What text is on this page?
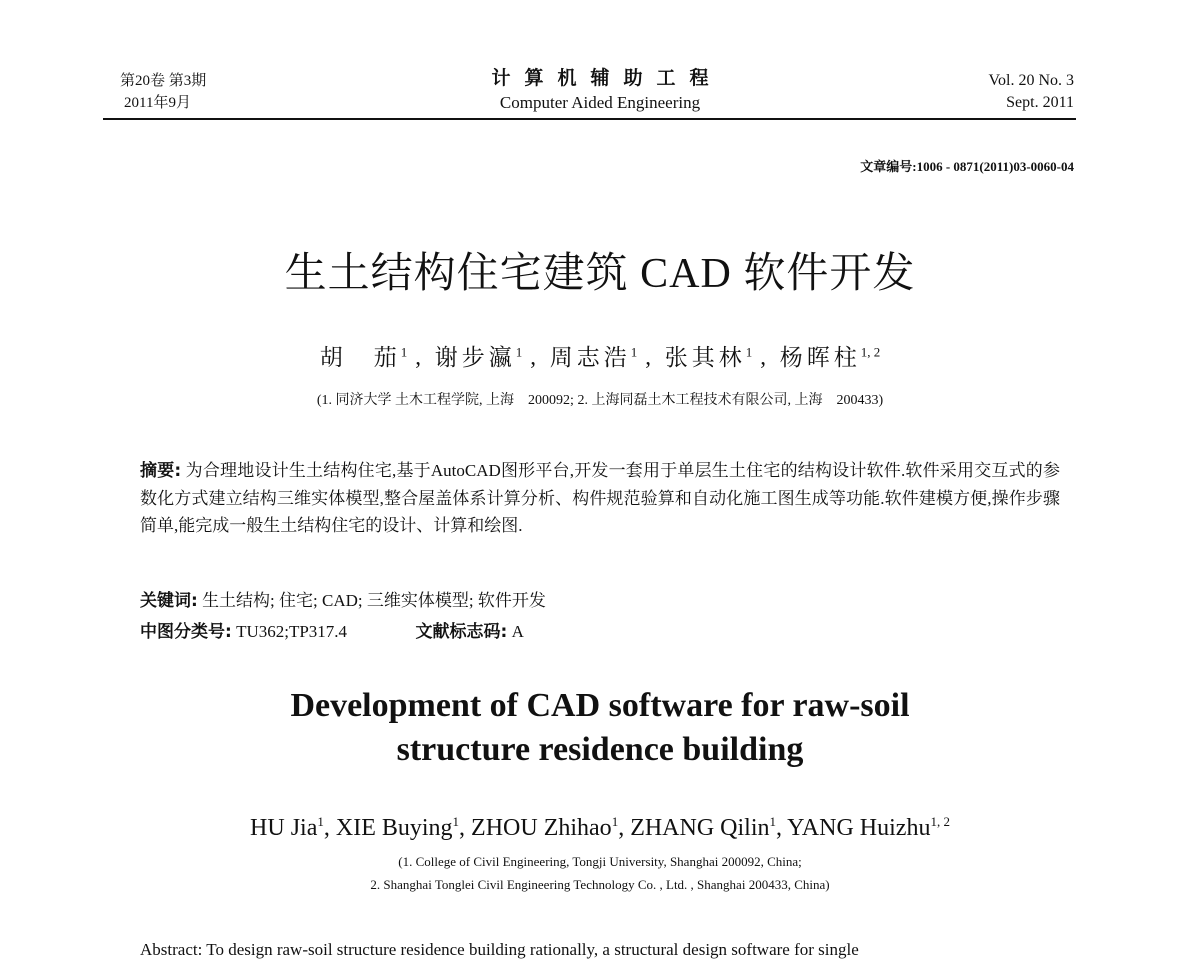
第20卷 第3期
2011年9月
计算机辅助工程
Computer Aided Engineering
Vol. 20 No. 3
Sept. 2011
文章编号:1006 - 0871(2011)03-0060-04
生土结构住宅建筑 CAD 软件开发
胡　茄$^1$ , 谢步瀛$^1$ , 周志浩$^1$ , 张其林$^1$ , 杨晖柱$^{1, 2}$
(1. 同济大学 土木工程学院, 上海　200092; 2. 上海同磊土木工程技术有限公司, 上海　200433)
摘要: 为合理地设计生土结构住宅,基于AutoCAD图形平台,开发一套用于单层生土住宅的结构设计软件.软件采用交互式的参数化方式建立结构三维实体模型,整合屋盖体系计算分析、构件规范验算和自动化施工图生成等功能.软件建模方便,操作步骤简单,能完成一般生土结构住宅的设计、计算和绘图.
关键词: 生土结构; 住宅; CAD; 三维实体模型; 软件开发
中图分类号: TU362;TP317.4	文献标志码: A
Development of CAD software for raw-soil
structure residence building
HU Jia$^1$, XIE Buying$^1$, ZHOU Zhihao$^1$, ZHANG Qilin$^1$, YANG Huizhu$^{1, 2}$
(1. College of Civil Engineering, Tongji University, Shanghai 200092, China;
2. Shanghai Tonglei Civil Engineering Technology Co. , Ltd. , Shanghai 200433, China)
Abstract: To design raw-soil structure residence building rationally, a structural design software for single
